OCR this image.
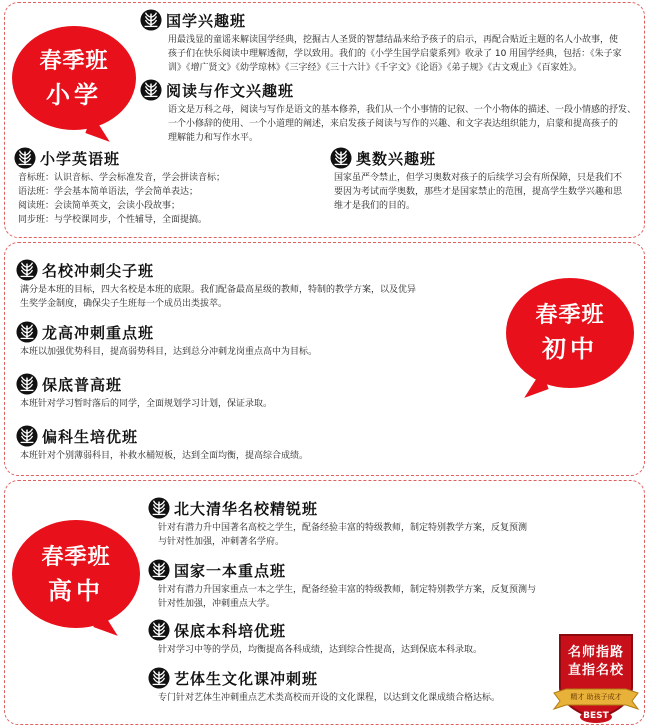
春季班
小学
国学兴趣班

用最浅显的童谣来解读国学经典，挖掘古人圣贤的智慧结晶来给予孩子的启示，再配合贴近主题的名人小故事，使

孩子们在快乐阅读中理解透彻，学以致用。我们的《小学生国学启蒙系列》收录了 10 用国学经典，包括：《朱子家

训》《增广贤文》《幼学琼林》《三字经》《三十六计》《千字文》《论语》《弟子规》《古文观止》《百家姓》。

阅读与作文兴趣班

语文是万科之母，阅读与写作是语文的基本修养，我们从一个小事情的记叙、一个小物体的描述、一段小情感的抒发、

一个小修辞的使用、一个小道理的阐述，来启发孩子阅读与写作的兴趣、和文字表达组织能力，启蒙和提高孩子的

理解能力和写作水平。

小学英语班

音标班：认识音标、学会标准发音，学会拼读音标；

语法班：学会基本简单语法，学会简单表达；

阅读班：会读简单英文，会读小段故事；

同步班：与学校课同步，个性辅导，全面提搞。

奥数兴趣班

国家虽严令禁止，但学习奥数对孩子的后续学习会有所保障，只是我们不

要因为考试而学奥数，那些才是国家禁止的范围，提高学生数学兴趣和思

维才是我们的目的。

春季班
初中
名校冲刺尖子班

满分是本班的目标，四大名校是本班的底限。我们配备最高星级的教师，特制的教学方案，以及优异

生奖学金制度，确保尖子生班每一个成员出类拔萃。

龙高冲刺重点班

本班以加强优势科目，提高弱势科目，达到总分冲刺龙岗重点高中为目标。

保底普高班

本班针对学习暂时落后的同学，全面规划学习计划，保证录取。

偏科生培优班

本班针对个别薄弱科目，补救水桶短板，达到全面均衡，提高综合成绩。

春季班
高中
北大清华名校精锐班

针对有潜力升中国著名高校之学生，配备经验丰富的特级教师，制定特别教学方案，反复预测

与针对性加强，冲刺著名学府。

国家一本重点班

针对有潜力升国家重点一本之学生，配备经验丰富的特级教师，制定特别教学方案，反复预测与

针对性加强，冲刺重点大学。

保底本科培优班

针对学习中等的学员，均衡提高各科成绩，达到综合性提高，达到保底本科录取。

艺体生文化课冲刺班

专门针对艺体生冲刺重点艺术类高校而开设的文化课程，以达到文化课成绩合格达标。

名师指路
直指名校
精才 助孩子成才
BEST
